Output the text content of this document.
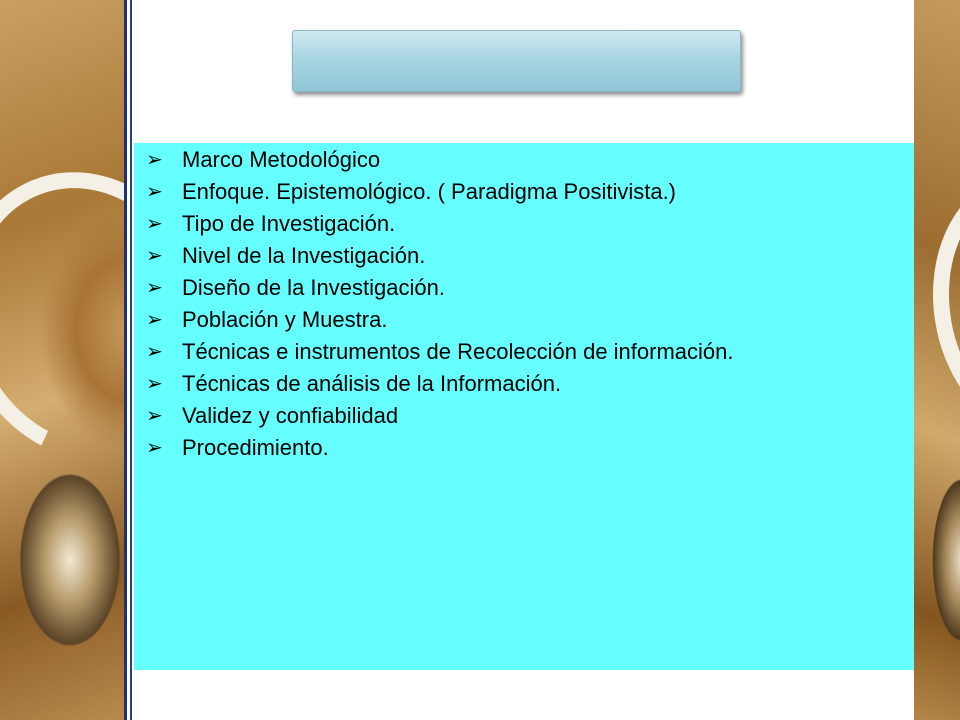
➢ Marco Metodológico
➢ Enfoque. Epistemológico. ( Paradigma Positivista.)
➢ Tipo de Investigación.
➢ Nivel de la Investigación.
➢ Diseño de la Investigación.
➢ Población y Muestra.
➢ Técnicas e instrumentos de Recolección de información.
➢ Técnicas de análisis de la Información.
➢ Validez y confiabilidad
➢ Procedimiento.
